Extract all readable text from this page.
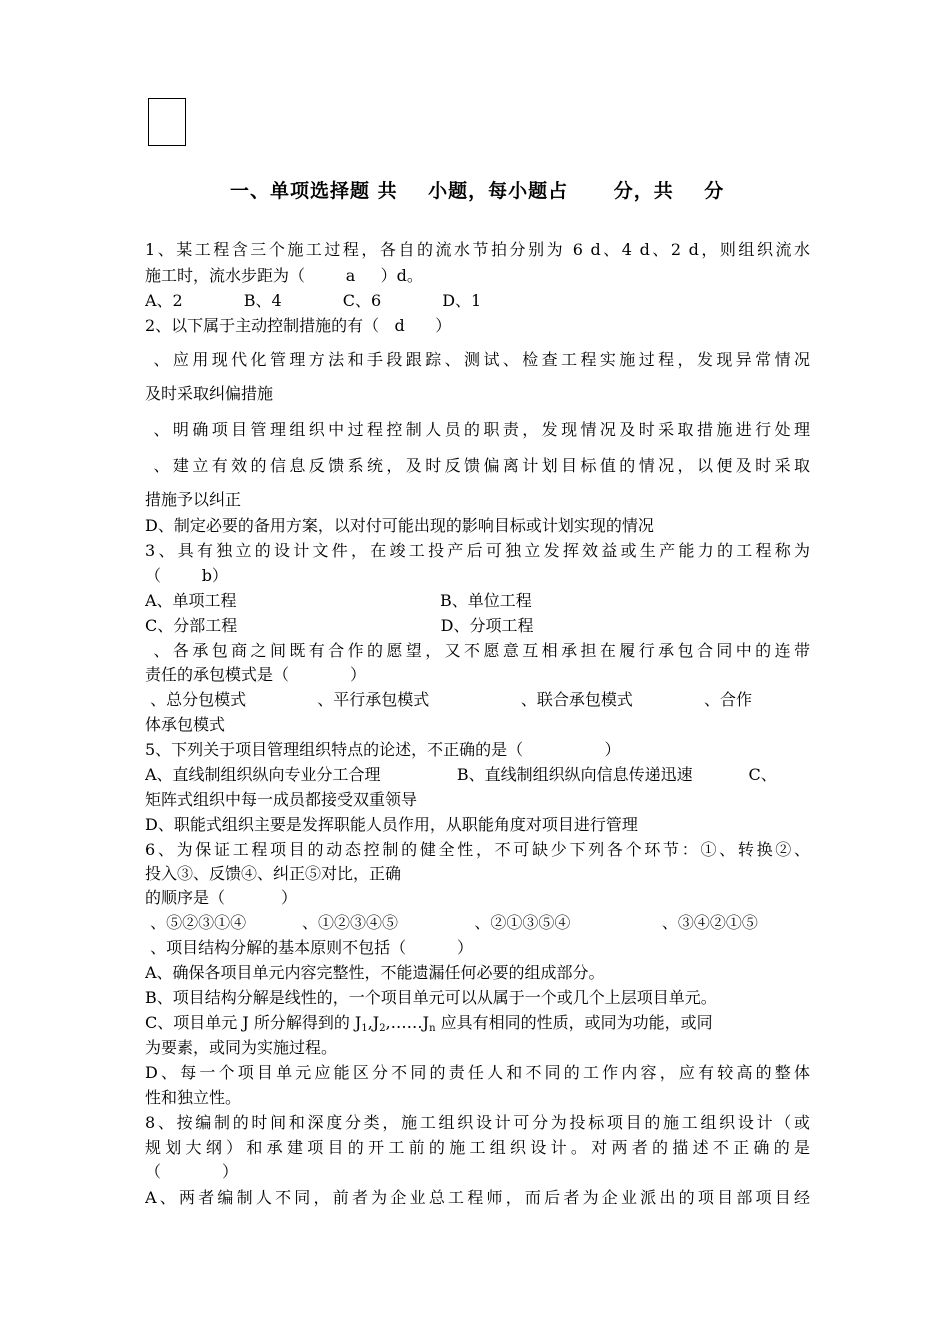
一、单项选择题 共    小题，每小题占      分，共    分
1、某工程含三个施工过程，各自的流水节拍分别为 6 d、4 d、2 d，则组织流水
施工时，流水步距为（        a     ）d。
A、2            B、4            C、6            D、1
2、以下属于主动控制措施的有（   d      ）
、应用现代化管理方法和手段跟踪、测试、检查工程实施过程，发现异常情况
及时采取纠偏措施
、明确项目管理组织中过程控制人员的职责，发现情况及时采取措施进行处理
、建立有效的信息反馈系统，及时反馈偏离计划目标值的情况，以便及时采取
措施予以纠正
D、制定必要的备用方案，以对付可能出现的影响目标或计划实现的情况
3、具有独立的设计文件，在竣工投产后可独立发挥效益或生产能力的工程称为
（        b）
A、单项工程                                        B、单位工程
C、分部工程                                        D、分项工程
、各承包商之间既有合作的愿望，又不愿意互相承担在履行承包合同中的连带
责任的承包模式是（            ）
、总分包模式              、平行承包模式                  、联合承包模式              、合作
体承包模式
5、下列关于项目管理组织特点的论述，不正确的是（                ）
A、直线制组织纵向专业分工合理               B、直线制组织纵向信息传递迅速           C、
矩阵式组织中每一成员都接受双重领导
D、职能式组织主要是发挥职能人员作用，从职能角度对项目进行管理
6、为保证工程项目的动态控制的健全性，不可缺少下列各个环节：①、转换②、
投入③、反馈④、纠正⑤对比，正确
的顺序是（           ）
、⑤②③①④           、①②③④⑤               、②①③⑤④                  、③④②①⑤
、项目结构分解的基本原则不包括（          ）
A、确保各项目单元内容完整性，不能遗漏任何必要的组成部分。
B、项目结构分解是线性的，一个项目单元可以从属于一个或几个上层项目单元。
C、项目单元 J 所分解得到的 $J_1,J_2,\dots\dots J_n$ 应具有相同的性质，或同为功能，或同
为要素，或同为实施过程。
D、每一个项目单元应能区分不同的责任人和不同的工作内容，应有较高的整体
性和独立性。
8、按编制的时间和深度分类，施工组织设计可分为投标项目的施工组织设计（或
规划大纲）和承建项目的开工前的施工组织设计。对两者的描述不正确的是
（            ）
A、两者编制人不同，前者为企业总工程师，而后者为企业派出的项目部项目经
